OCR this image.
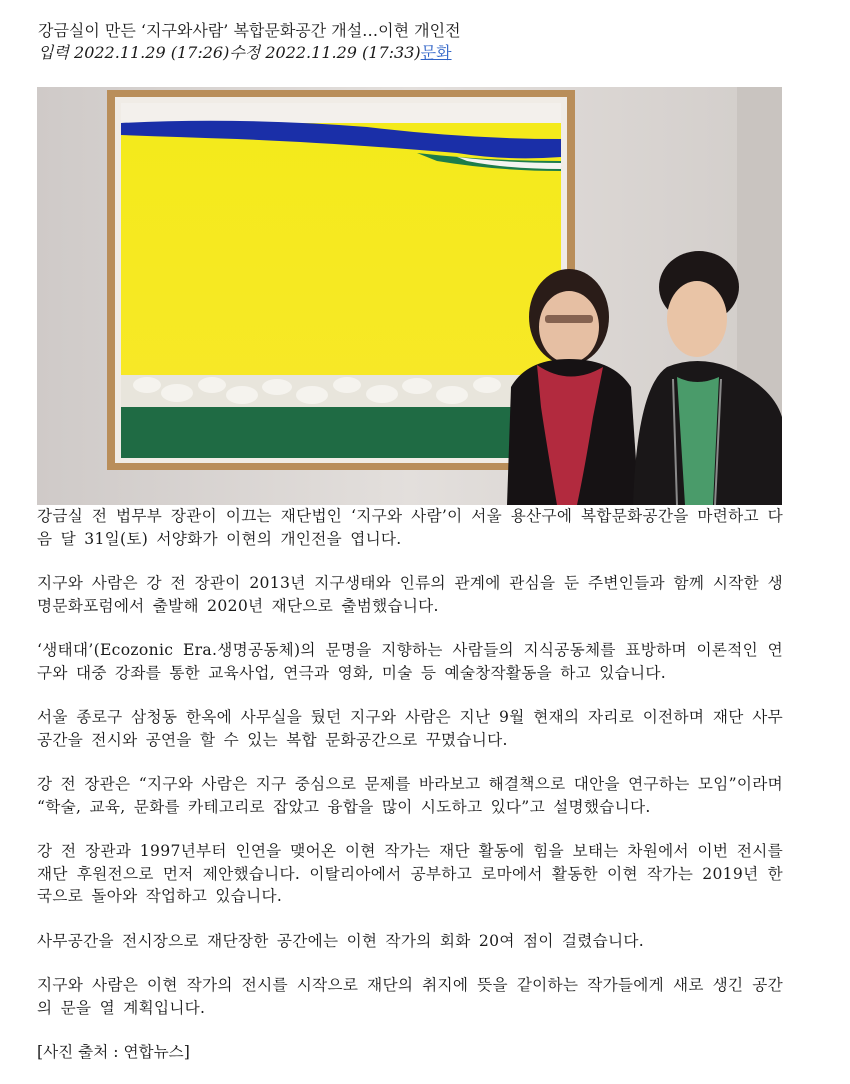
강금실이 만든 ‘지구와사람’ 복합문화공간 개설…이현 개인전
입력 2022.11.29 (17:26)수정 2022.11.29 (17:33)문화

강금실 전 법무부 장관이 이끄는 재단법인 ‘지구와 사람’이 서울 용산구에 복합문화공간을 마련하고 다음 달 31일(토) 서양화가 이현의 개인전을 엽니다.

지구와 사람은 강 전 장관이 2013년 지구생태와 인류의 관계에 관심을 둔 주변인들과 함께 시작한 생명문화포럼에서 출발해 2020년 재단으로 출범했습니다.

‘생태대’(Ecozonic Era.생명공동체)의 문명을 지향하는 사람들의 지식공동체를 표방하며 이론적인 연구와 대중 강좌를 통한 교육사업, 연극과 영화, 미술 등 예술창작활동을 하고 있습니다.

서울 종로구 삼청동 한옥에 사무실을 뒀던 지구와 사람은 지난 9월 현재의 자리로 이전하며 재단 사무공간을 전시와 공연을 할 수 있는 복합 문화공간으로 꾸몄습니다.

강 전 장관은 “지구와 사람은 지구 중심으로 문제를 바라보고 해결책으로 대안을 연구하는 모임”이라며 “학술, 교육, 문화를 카테고리로 잡았고 융합을 많이 시도하고 있다”고 설명했습니다.

강 전 장관과 1997년부터 인연을 맺어온 이현 작가는 재단 활동에 힘을 보태는 차원에서 이번 전시를 재단 후원전으로 먼저 제안했습니다. 이탈리아에서 공부하고 로마에서 활동한 이현 작가는 2019년 한국으로 돌아와 작업하고 있습니다.

사무공간을 전시장으로 재단장한 공간에는 이현 작가의 회화 20여 점이 걸렸습니다.

지구와 사람은 이현 작가의 전시를 시작으로 재단의 취지에 뜻을 같이하는 작가들에게 새로 생긴 공간의 문을 열 계획입니다.

[사진 출처 : 연합뉴스]
